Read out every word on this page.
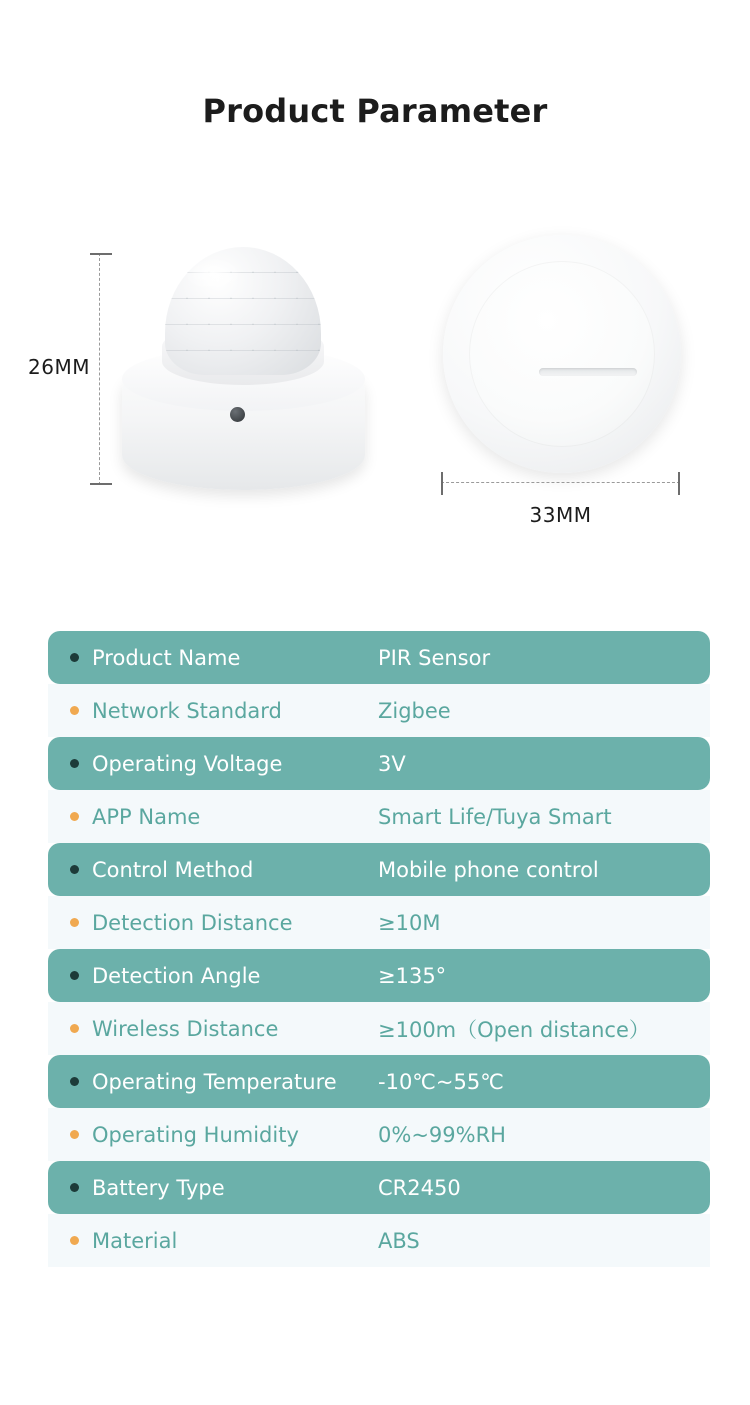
Product Parameter
26MM
33MM
Product Name	PIR Sensor
Network Standard	Zigbee
Operating Voltage	3V
APP Name	Smart Life/Tuya Smart
Control Method	Mobile phone control
Detection Distance	≥10M
Detection Angle	≥135°
Wireless Distance	≥100m（Open distance）
Operating Temperature	-10℃~55℃
Operating Humidity	0%~99%RH
Battery Type	CR2450
Material	ABS
